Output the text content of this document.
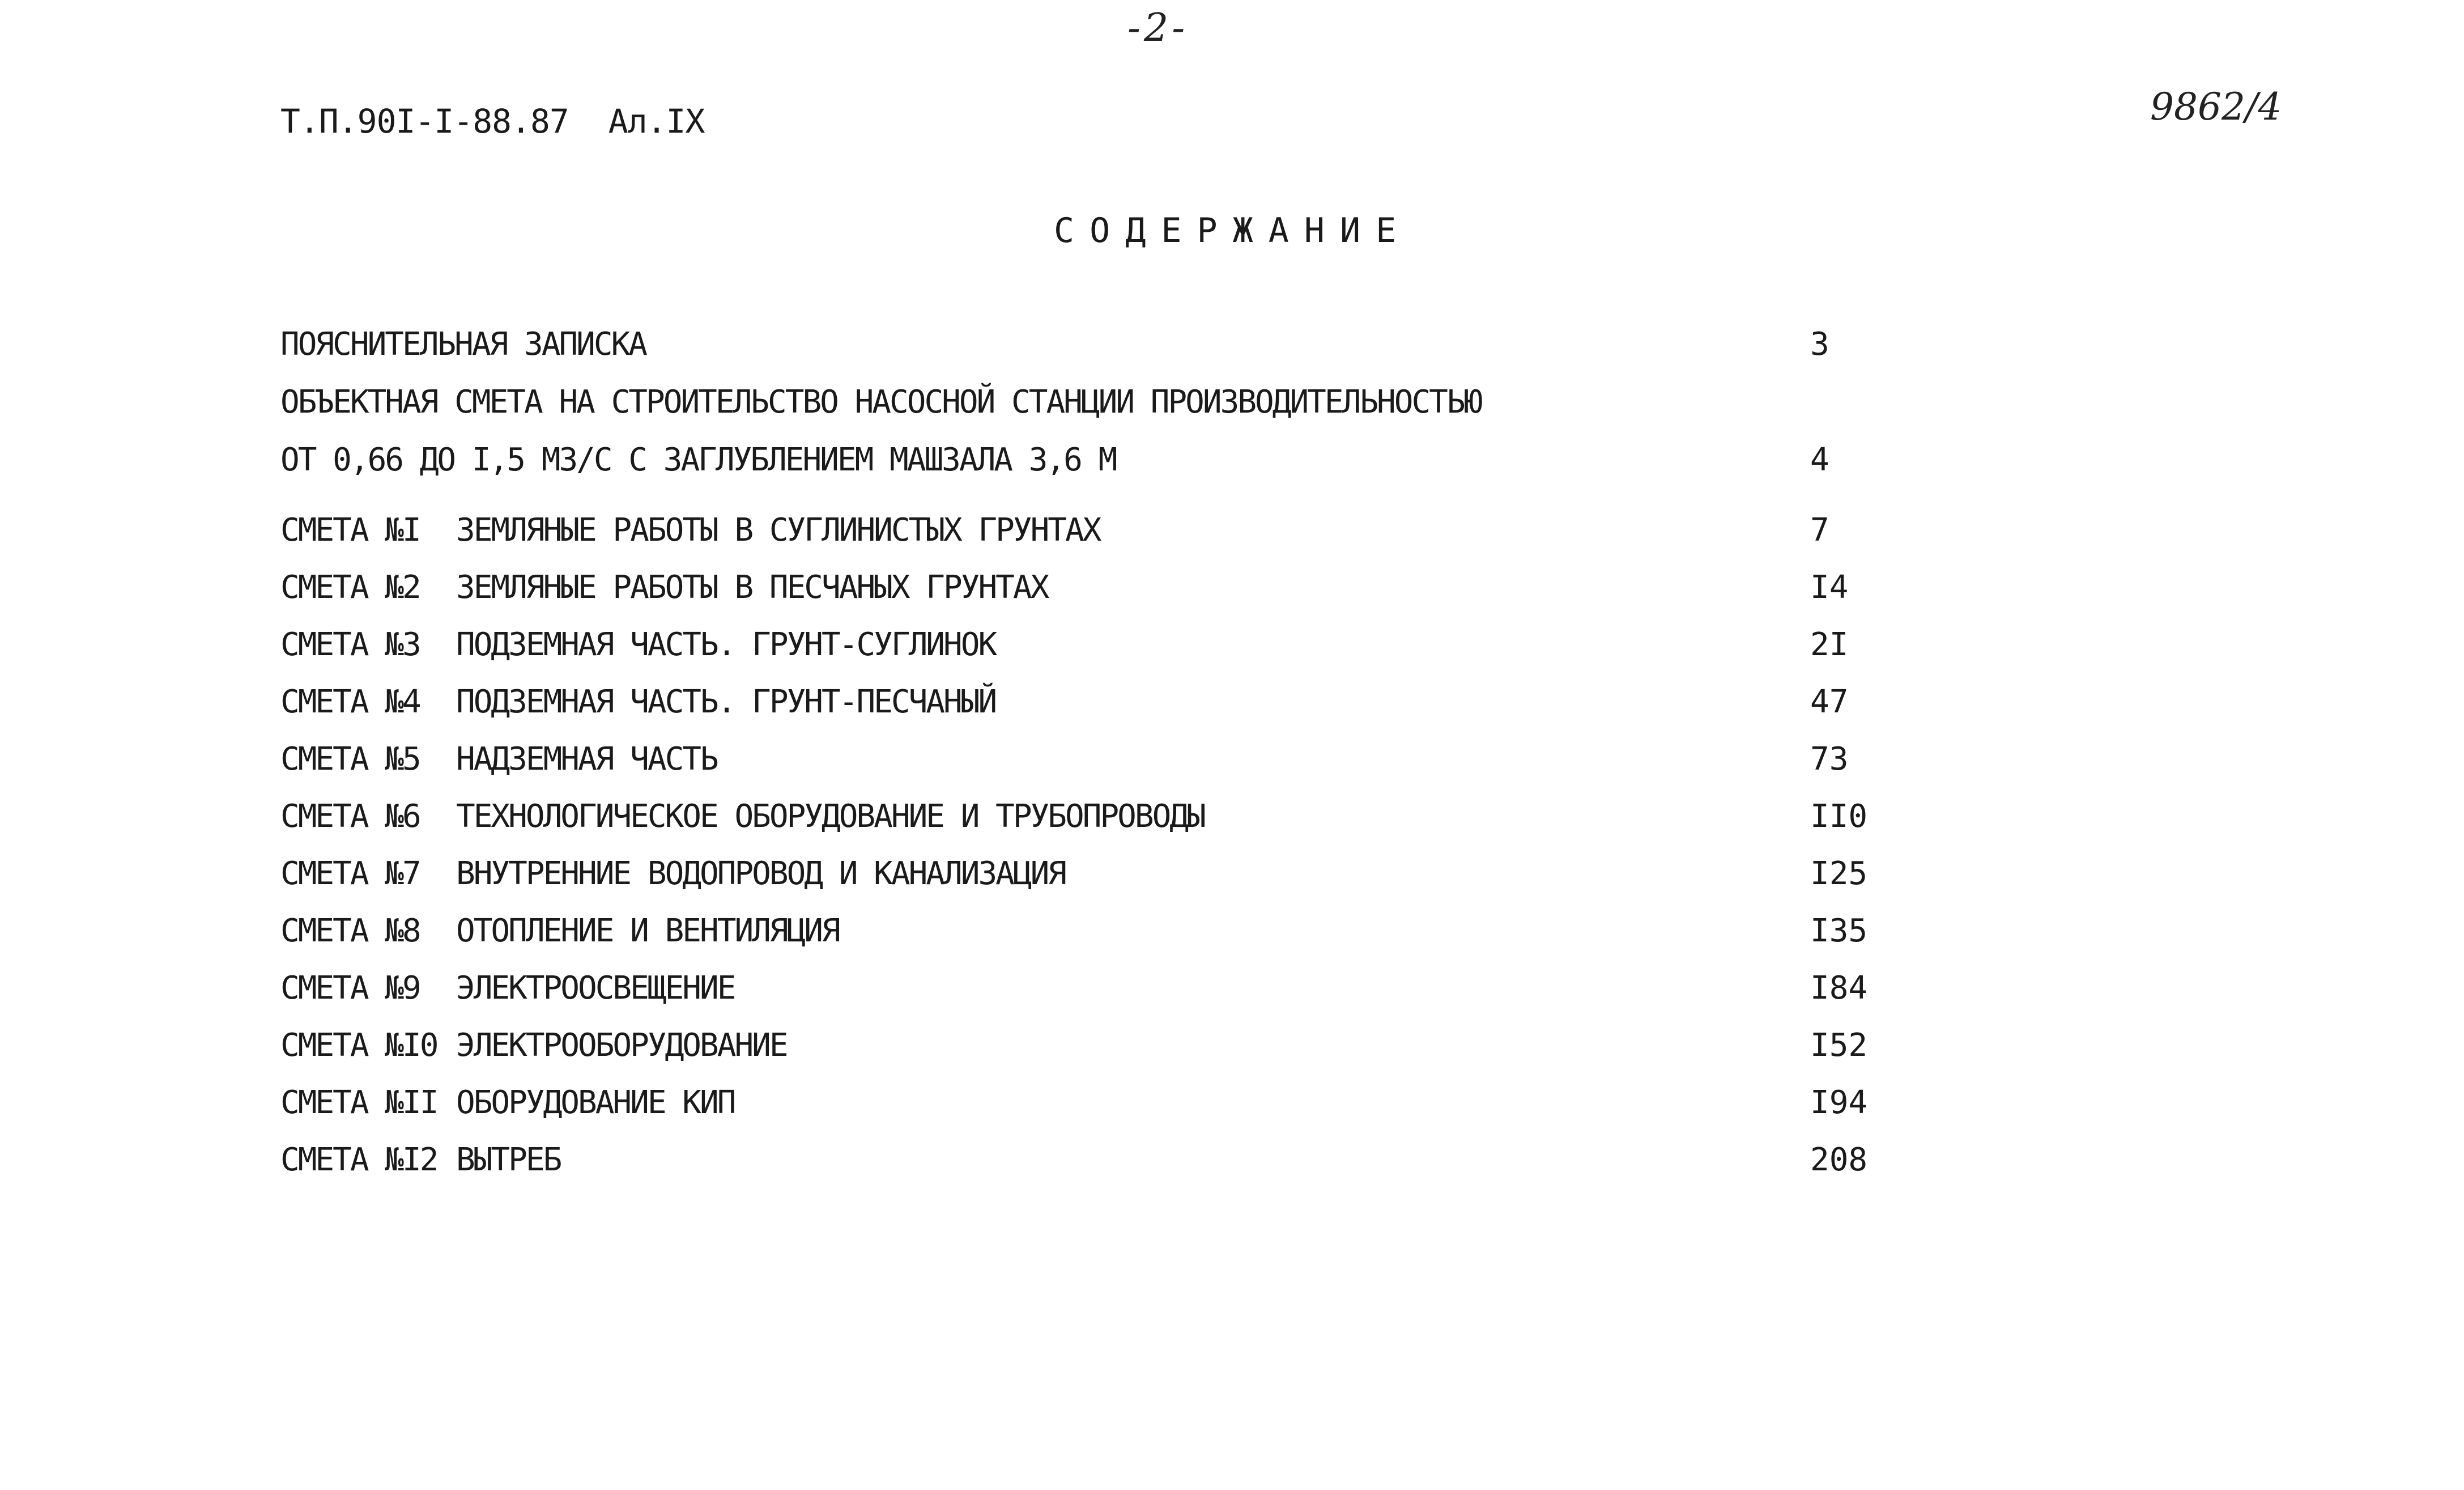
-2-
Т.П.90I-I-88.87 Ал.IX	9862/4
СОДЕРЖАНИЕ
ПОЯСНИТЕЛЬНАЯ ЗАПИСКА	3
ОБЪЕКТНАЯ СМЕТА НА СТРОИТЕЛЬСТВО НАСОСНОЙ СТАНЦИИ ПРОИЗВОДИТЕЛЬНОСТЬЮ
ОТ 0,66 ДО I,5 МЗ/С С ЗАГЛУБЛЕНИЕМ МАШЗАЛА 3,6 М	4
СМЕТА №I ЗЕМЛЯНЫЕ РАБОТЫ В СУГЛИНИСТЫХ ГРУНТАХ	7
СМЕТА №2 ЗЕМЛЯНЫЕ РАБОТЫ В ПЕСЧАНЫХ ГРУНТАХ	I4
СМЕТА №3 ПОДЗЕМНАЯ ЧАСТЬ. ГРУНТ-СУГЛИНОК	2I
СМЕТА №4 ПОДЗЕМНАЯ ЧАСТЬ. ГРУНТ-ПЕСЧАНЫЙ	47
СМЕТА №5 НАДЗЕМНАЯ ЧАСТЬ	73
СМЕТА №6 ТЕХНОЛОГИЧЕСКОЕ ОБОРУДОВАНИЕ И ТРУБОПРОВОДЫ	II0
СМЕТА №7 ВНУТРЕННИЕ ВОДОПРОВОД И КАНАЛИЗАЦИЯ	I25
СМЕТА №8 ОТОПЛЕНИЕ И ВЕНТИЛЯЦИЯ	I35
СМЕТА №9 ЭЛЕКТРООСВЕЩЕНИЕ	I84
СМЕТА №I0 ЭЛЕКТРООБОРУДОВАНИЕ	I52
СМЕТА №II ОБОРУДОВАНИЕ КИП	I94
СМЕТА №I2 ВЫТРЕБ	208
